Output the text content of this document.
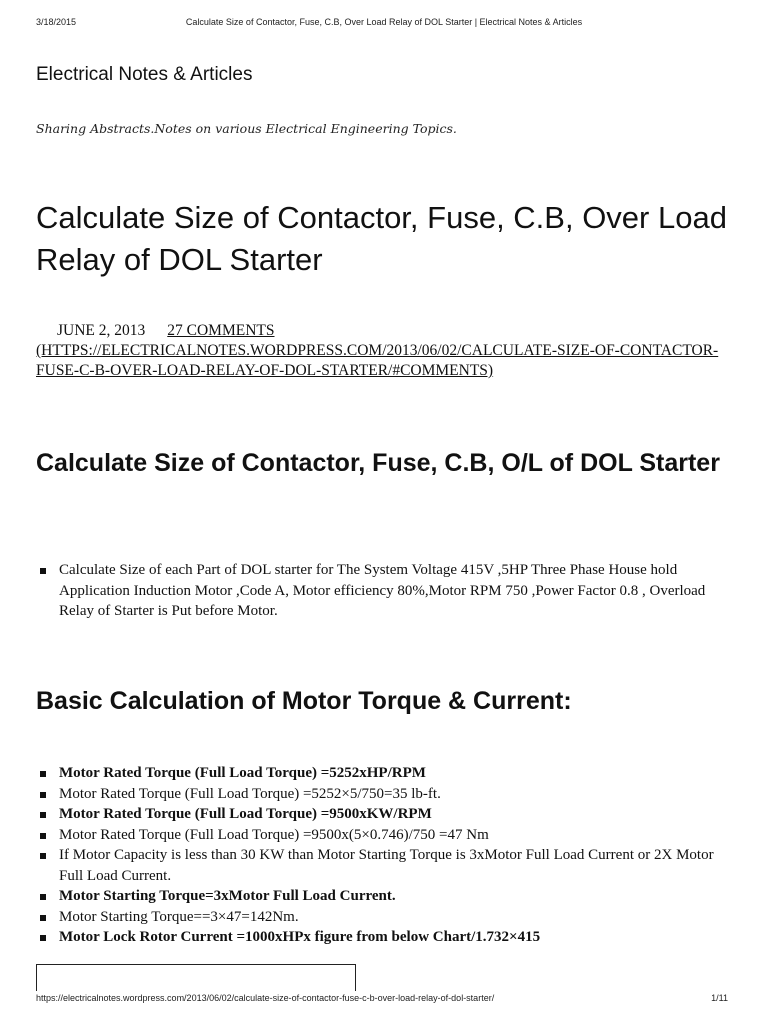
3/18/2015	Calculate Size of Contactor, Fuse, C.B, Over Load Relay of DOL Starter | Electrical Notes & Articles
Electrical Notes & Articles
Sharing Abstracts.Notes on various Electrical Engineering Topics.
Calculate Size of Contactor, Fuse, C.B, Over Load Relay of DOL Starter
JUNE 2, 2013 27 COMMENTS
(HTTPS://ELECTRICALNOTES.WORDPRESS.COM/2013/06/02/CALCULATE-SIZE-OF-CONTACTOR-FUSE-C-B-OVER-LOAD-RELAY-OF-DOL-STARTER/#COMMENTS)
Calculate Size of Contactor, Fuse, C.B, O/L of DOL Starter
Calculate Size of each Part of DOL starter for The System Voltage 415V ,5HP Three Phase House hold Application Induction Motor ,Code A, Motor efficiency 80%,Motor RPM 750 ,Power Factor 0.8 , Overload Relay of Starter is Put before Motor.
Basic Calculation of Motor Torque & Current:
Motor Rated Torque (Full Load Torque) =5252xHP/RPM
Motor Rated Torque (Full Load Torque) =5252×5/750=35 lb-ft.
Motor Rated Torque (Full Load Torque) =9500xKW/RPM
Motor Rated Torque (Full Load Torque) =9500x(5×0.746)/750 =47 Nm
If Motor Capacity is less than 30 KW than Motor Starting Torque is 3xMotor Full Load Current or 2X Motor Full Load Current.
Motor Starting Torque=3xMotor Full Load Current.
Motor Starting Torque==3×47=142Nm.
Motor Lock Rotor Current =1000xHPx figure from below Chart/1.732×415
https://electricalnotes.wordpress.com/2013/06/02/calculate-size-of-contactor-fuse-c-b-over-load-relay-of-dol-starter/	1/11
